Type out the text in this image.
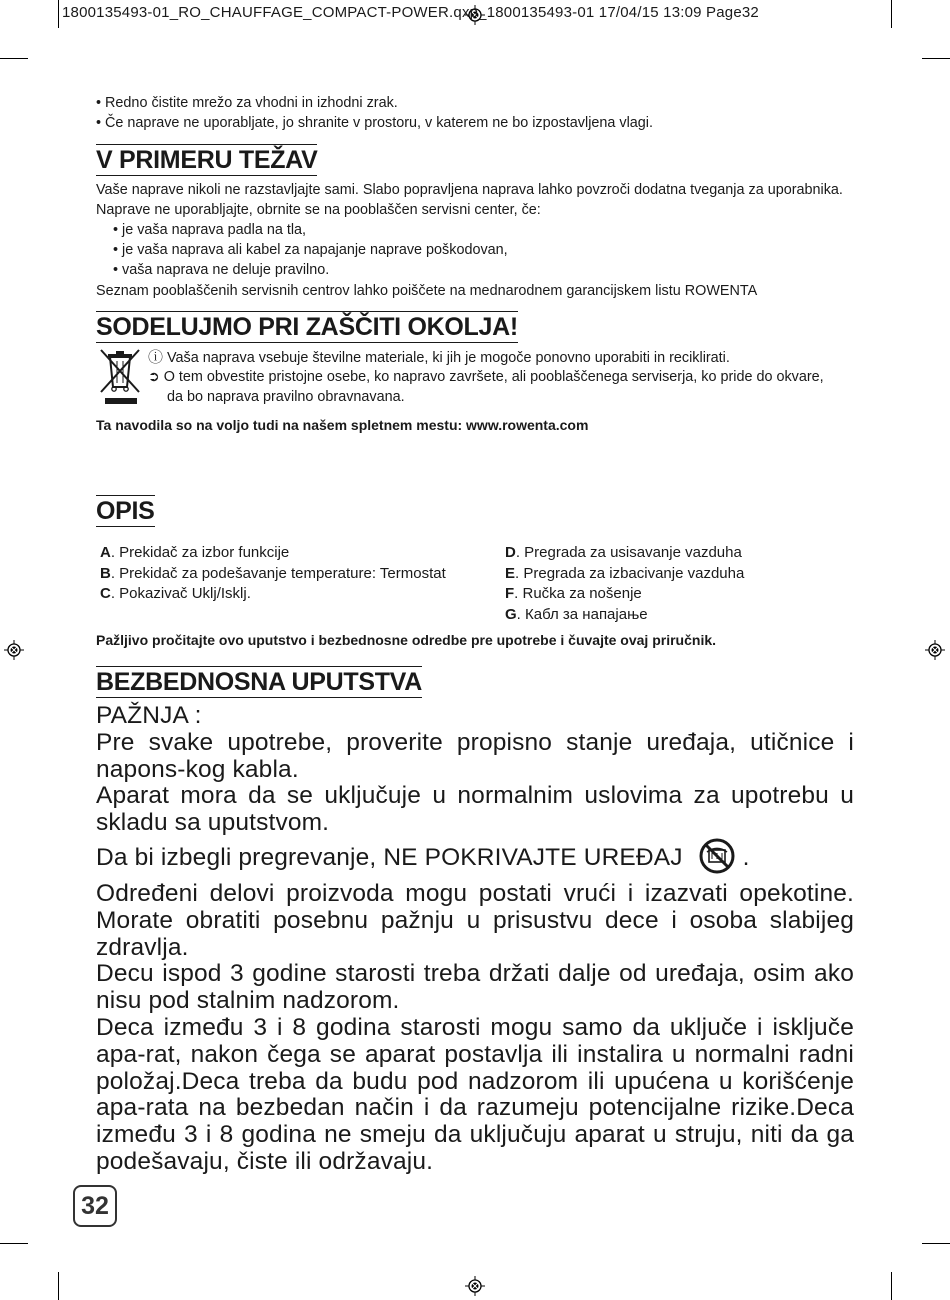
1800135493-01_RO_CHAUFFAGE_COMPACT-POWER.qxp_1800135493-01 17/04/15 13:09 Page32
• Redno čistite mrežo za vhodni in izhodni zrak.
• Če naprave ne uporabljate, jo shranite v prostoru, v katerem ne bo izpostavljena vlagi.
V PRIMERU TEŽAV
Vaše naprave nikoli ne razstavljajte sami. Slabo popravljena naprava lahko povzroči dodatna tveganja za uporabnika.
Naprave ne uporabljajte, obrnite se na pooblaščen servisni center, če:
• je vaša naprava padla na tla,
• je vaša naprava ali kabel za napajanje naprave poškodovan,
• vaša naprava ne deluje pravilno.
Seznam pooblaščenih servisnih centrov lahko poiščete na mednarodnem garancijskem listu ROWENTA
SODELUJMO PRI ZAŠČITI OKOLJA!
ⓘ Vaša naprava vsebuje številne materiale, ki jih je mogoče ponovno uporabiti in reciklirati.
➲ O tem obvestite pristojne osebe, ko napravo završete, ali pooblaščenega serviserja, ko pride do okvare,
da bo naprava pravilno obravnavana.
Ta navodila so na voljo tudi na našem spletnem mestu: www.rowenta.com
OPIS
A. Prekidač za izbor funkcije
B. Prekidač za podešavanje temperature: Termostat
C. Pokazivač Uklj/Isklj.
D. Pregrada za usisavanje vazduha
E. Pregrada za izbacivanje vazduha
F. Ručka za nošenje
G. Кабл за напајање
Pažljivo pročitajte ovo uputstvo i bezbednosne odredbe pre upotrebe i čuvajte ovaj priručnik.
BEZBEDNOSNA UPUTSTVA

PAŽNJA :

Pre svake upotrebe, proverite propisno stanje uređaja, utičnice i napons-kog kabla.

Aparat mora da se uključuje u normalnim uslovima za upotrebu u skladu sa uputstvom.

Da bi izbegli pregrevanje, NE POKRIVAJTE UREĐAJ  .

Određeni delovi proizvoda mogu postati vrući i izazvati opekotine. Morate obratiti posebnu pažnju u prisustvu dece i osoba slabijeg zdravlja.

Decu ispod 3 godine starosti treba držati dalje od uređaja, osim ako nisu pod stalnim nadzorom.

Deca između 3 i 8 godina starosti mogu samo da uključe i isključe apa-rat, nakon čega se aparat postavlja ili instalira u normalni radni položaj.Deca treba da budu pod nadzorom ili upućena u korišćenje apa-rata na bezbedan način i da razumeju potencijalne rizike.Deca između 3 i 8 godina ne smeju da uključuju aparat u struju, niti da ga podešavaju, čiste ili održavaju.

32
